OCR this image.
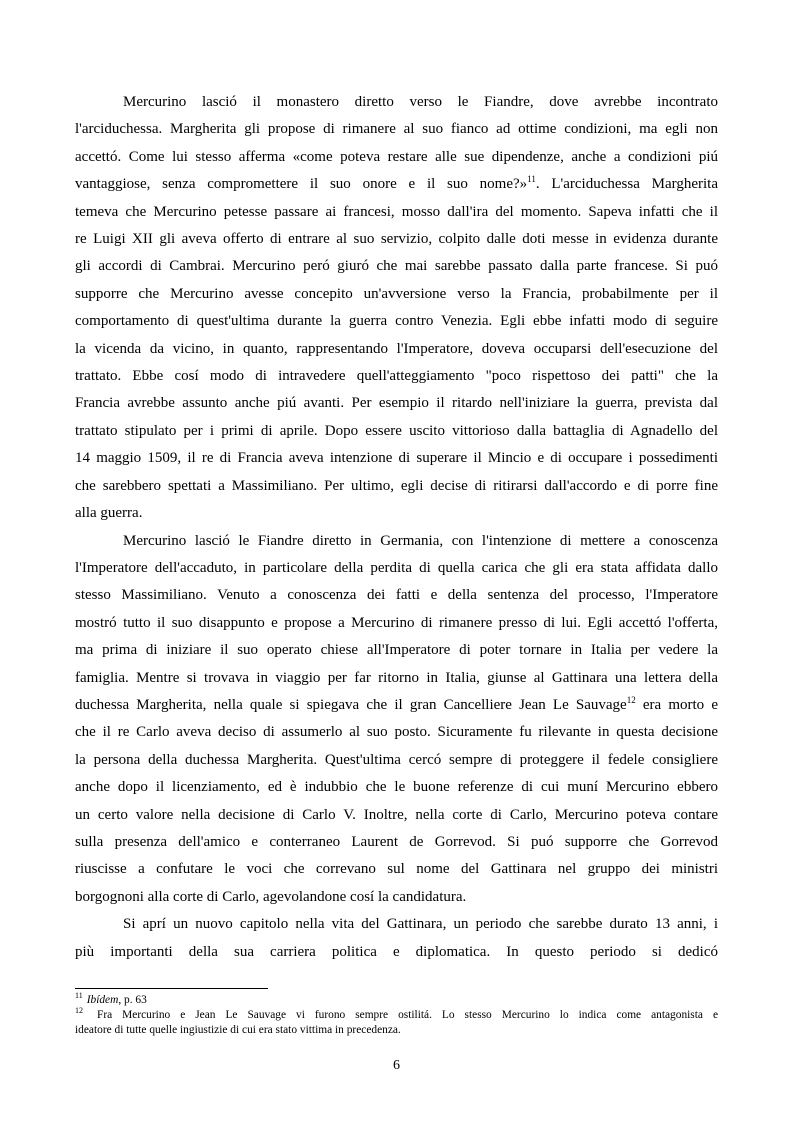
Mercurino lasció il monastero diretto verso le Fiandre, dove avrebbe incontrato
l'arciduchessa. Margherita gli propose di rimanere al suo fianco ad ottime condizioni, ma egli non
accettó. Come lui stesso afferma «come poteva restare alle sue dipendenze, anche a condizioni piú
vantaggiose, senza compromettere il suo onore e il suo nome?»$^{11}$. L'arciduchessa Margherita
temeva che Mercurino petesse passare ai francesi, mosso dall'ira del momento. Sapeva infatti che il
re Luigi XII gli aveva offerto di entrare al suo servizio, colpito dalle doti messe in evidenza durante
gli accordi di Cambrai. Mercurino peró giuró che mai sarebbe passato dalla parte francese. Si puó
supporre che Mercurino avesse concepito un'avversione verso la Francia, probabilmente per il
comportamento di quest'ultima durante la guerra contro Venezia. Egli ebbe infatti modo di seguire
la vicenda da vicino, in quanto, rappresentando l'Imperatore, doveva occuparsi dell'esecuzione del
trattato. Ebbe cosí modo di intravedere quell'atteggiamento "poco rispettoso dei patti" che la
Francia avrebbe assunto anche piú avanti. Per esempio il ritardo nell'iniziare la guerra, prevista dal
trattato stipulato per i primi di aprile. Dopo essere uscito vittorioso dalla battaglia di Agnadello del
14 maggio 1509, il re di Francia aveva intenzione di superare il Mincio e di occupare i possedimenti
che sarebbero spettati a Massimiliano. Per ultimo, egli decise di ritirarsi dall'accordo e di porre fine
alla guerra.
Mercurino lasció le Fiandre diretto in Germania, con l'intenzione di mettere a conoscenza
l'Imperatore dell'accaduto, in particolare della perdita di quella carica che gli era stata affidata dallo
stesso Massimiliano. Venuto a conoscenza dei fatti e della sentenza del processo, l'Imperatore
mostró tutto il suo disappunto e propose a Mercurino di rimanere presso di lui. Egli accettó l'offerta,
ma prima di iniziare il suo operato chiese all'Imperatore di poter tornare in Italia per vedere la
famiglia. Mentre si trovava in viaggio per far ritorno in Italia, giunse al Gattinara una lettera della
duchessa Margherita, nella quale si spiegava che il gran Cancelliere Jean Le Sauvage$^{12}$ era morto e
che il re Carlo aveva deciso di assumerlo al suo posto. Sicuramente fu rilevante in questa decisione
la persona della duchessa Margherita. Quest'ultima cercó sempre di proteggere il fedele consigliere
anche dopo il licenziamento, ed è indubbio che le buone referenze di cui muní Mercurino ebbero
un certo valore nella decisione di Carlo V. Inoltre, nella corte di Carlo, Mercurino poteva contare
sulla presenza dell'amico e conterraneo Laurent de Gorrevod. Si puó supporre che Gorrevod
riuscisse a confutare le voci che correvano sul nome del Gattinara nel gruppo dei ministri
borgognoni alla corte di Carlo, agevolandone cosí la candidatura.
Si aprí un nuovo capitolo nella vita del Gattinara, un periodo che sarebbe durato 13 anni, i
più importanti della sua carriera politica e diplomatica. In questo periodo si dedicó
$^{11}$ Ibídem, p. 63
$^{12}$ Fra Mercurino e Jean Le Sauvage vi furono sempre ostilitá. Lo stesso Mercurino lo indica come antagonista e
ideatore di tutte quelle ingiustizie di cui era stato vittima in precedenza.
6
